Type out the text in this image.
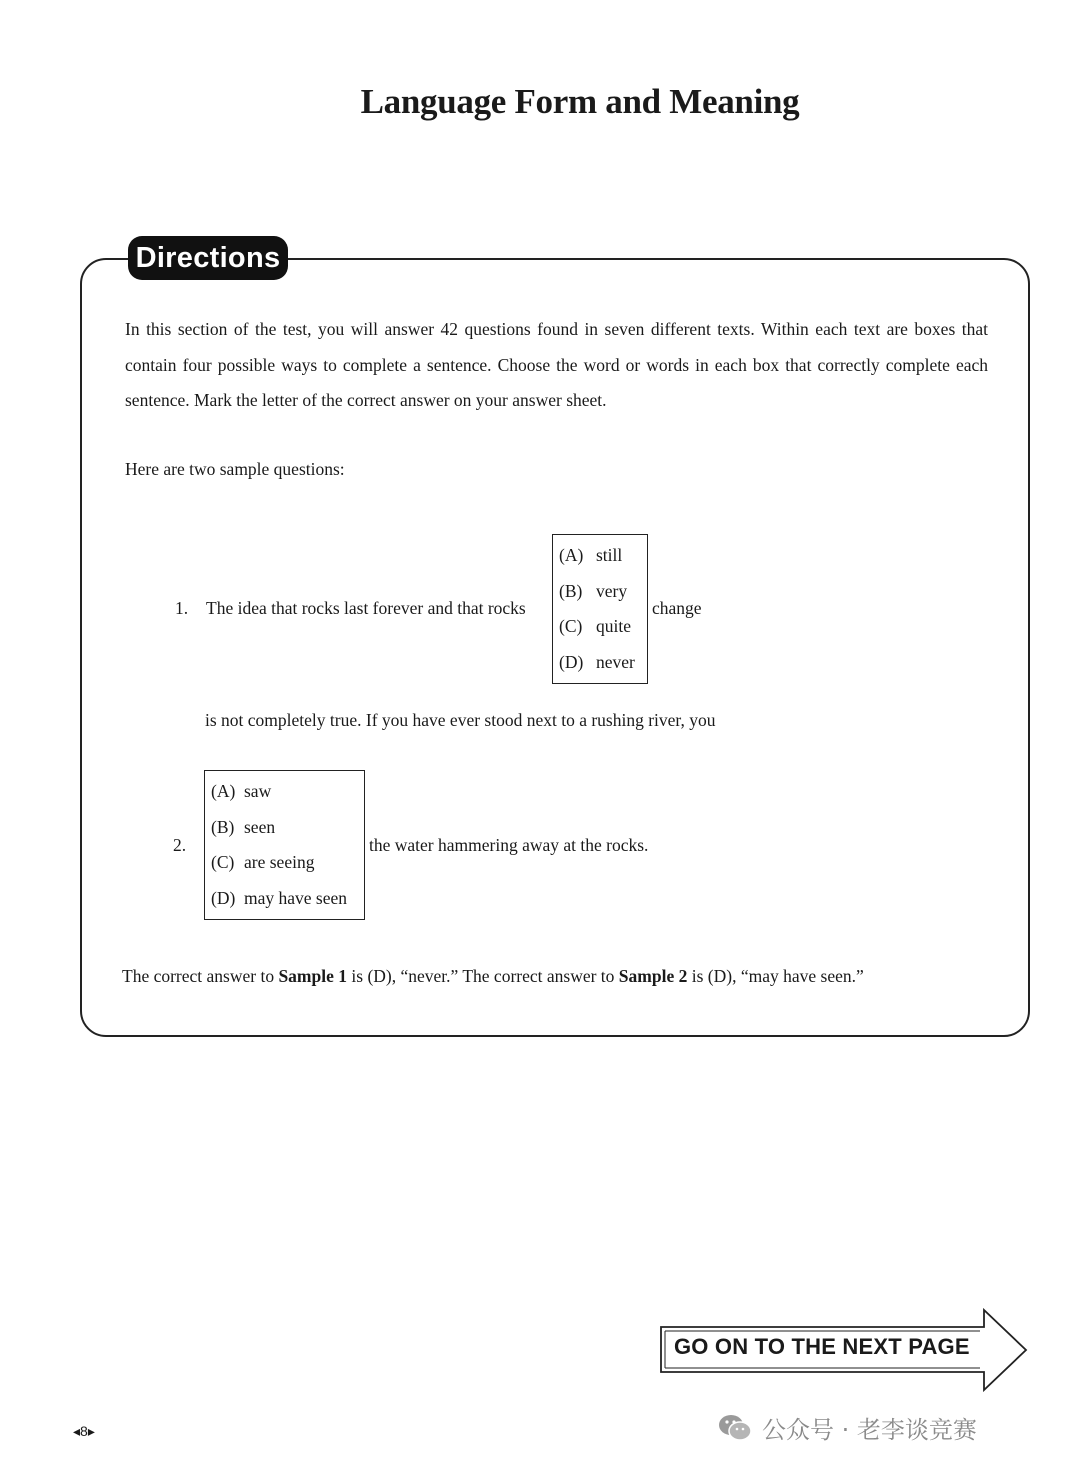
Language Form and Meaning
Directions
In this section of the test, you will answer 42 questions found in seven different texts. Within each text are boxes that contain four possible ways to complete a sentence. Choose the word or words in each box that correctly complete each sentence. Mark the letter of the correct answer on your answer sheet.
Here are two sample questions:
1. The idea that rocks last forever and that rocks
(A) still
(B) very
(C) quite
(D) never
change
is not completely true. If you have ever stood next to a rushing river, you
2.
(A) saw
(B) seen
(C) are seeing
(D) may have seen
the water hammering away at the rocks.
The correct answer to Sample 1 is (D), “never.” The correct answer to Sample 2 is (D), “may have seen.”
GO ON TO THE NEXT PAGE
◂8▸	公众号 · 老李谈竞赛
